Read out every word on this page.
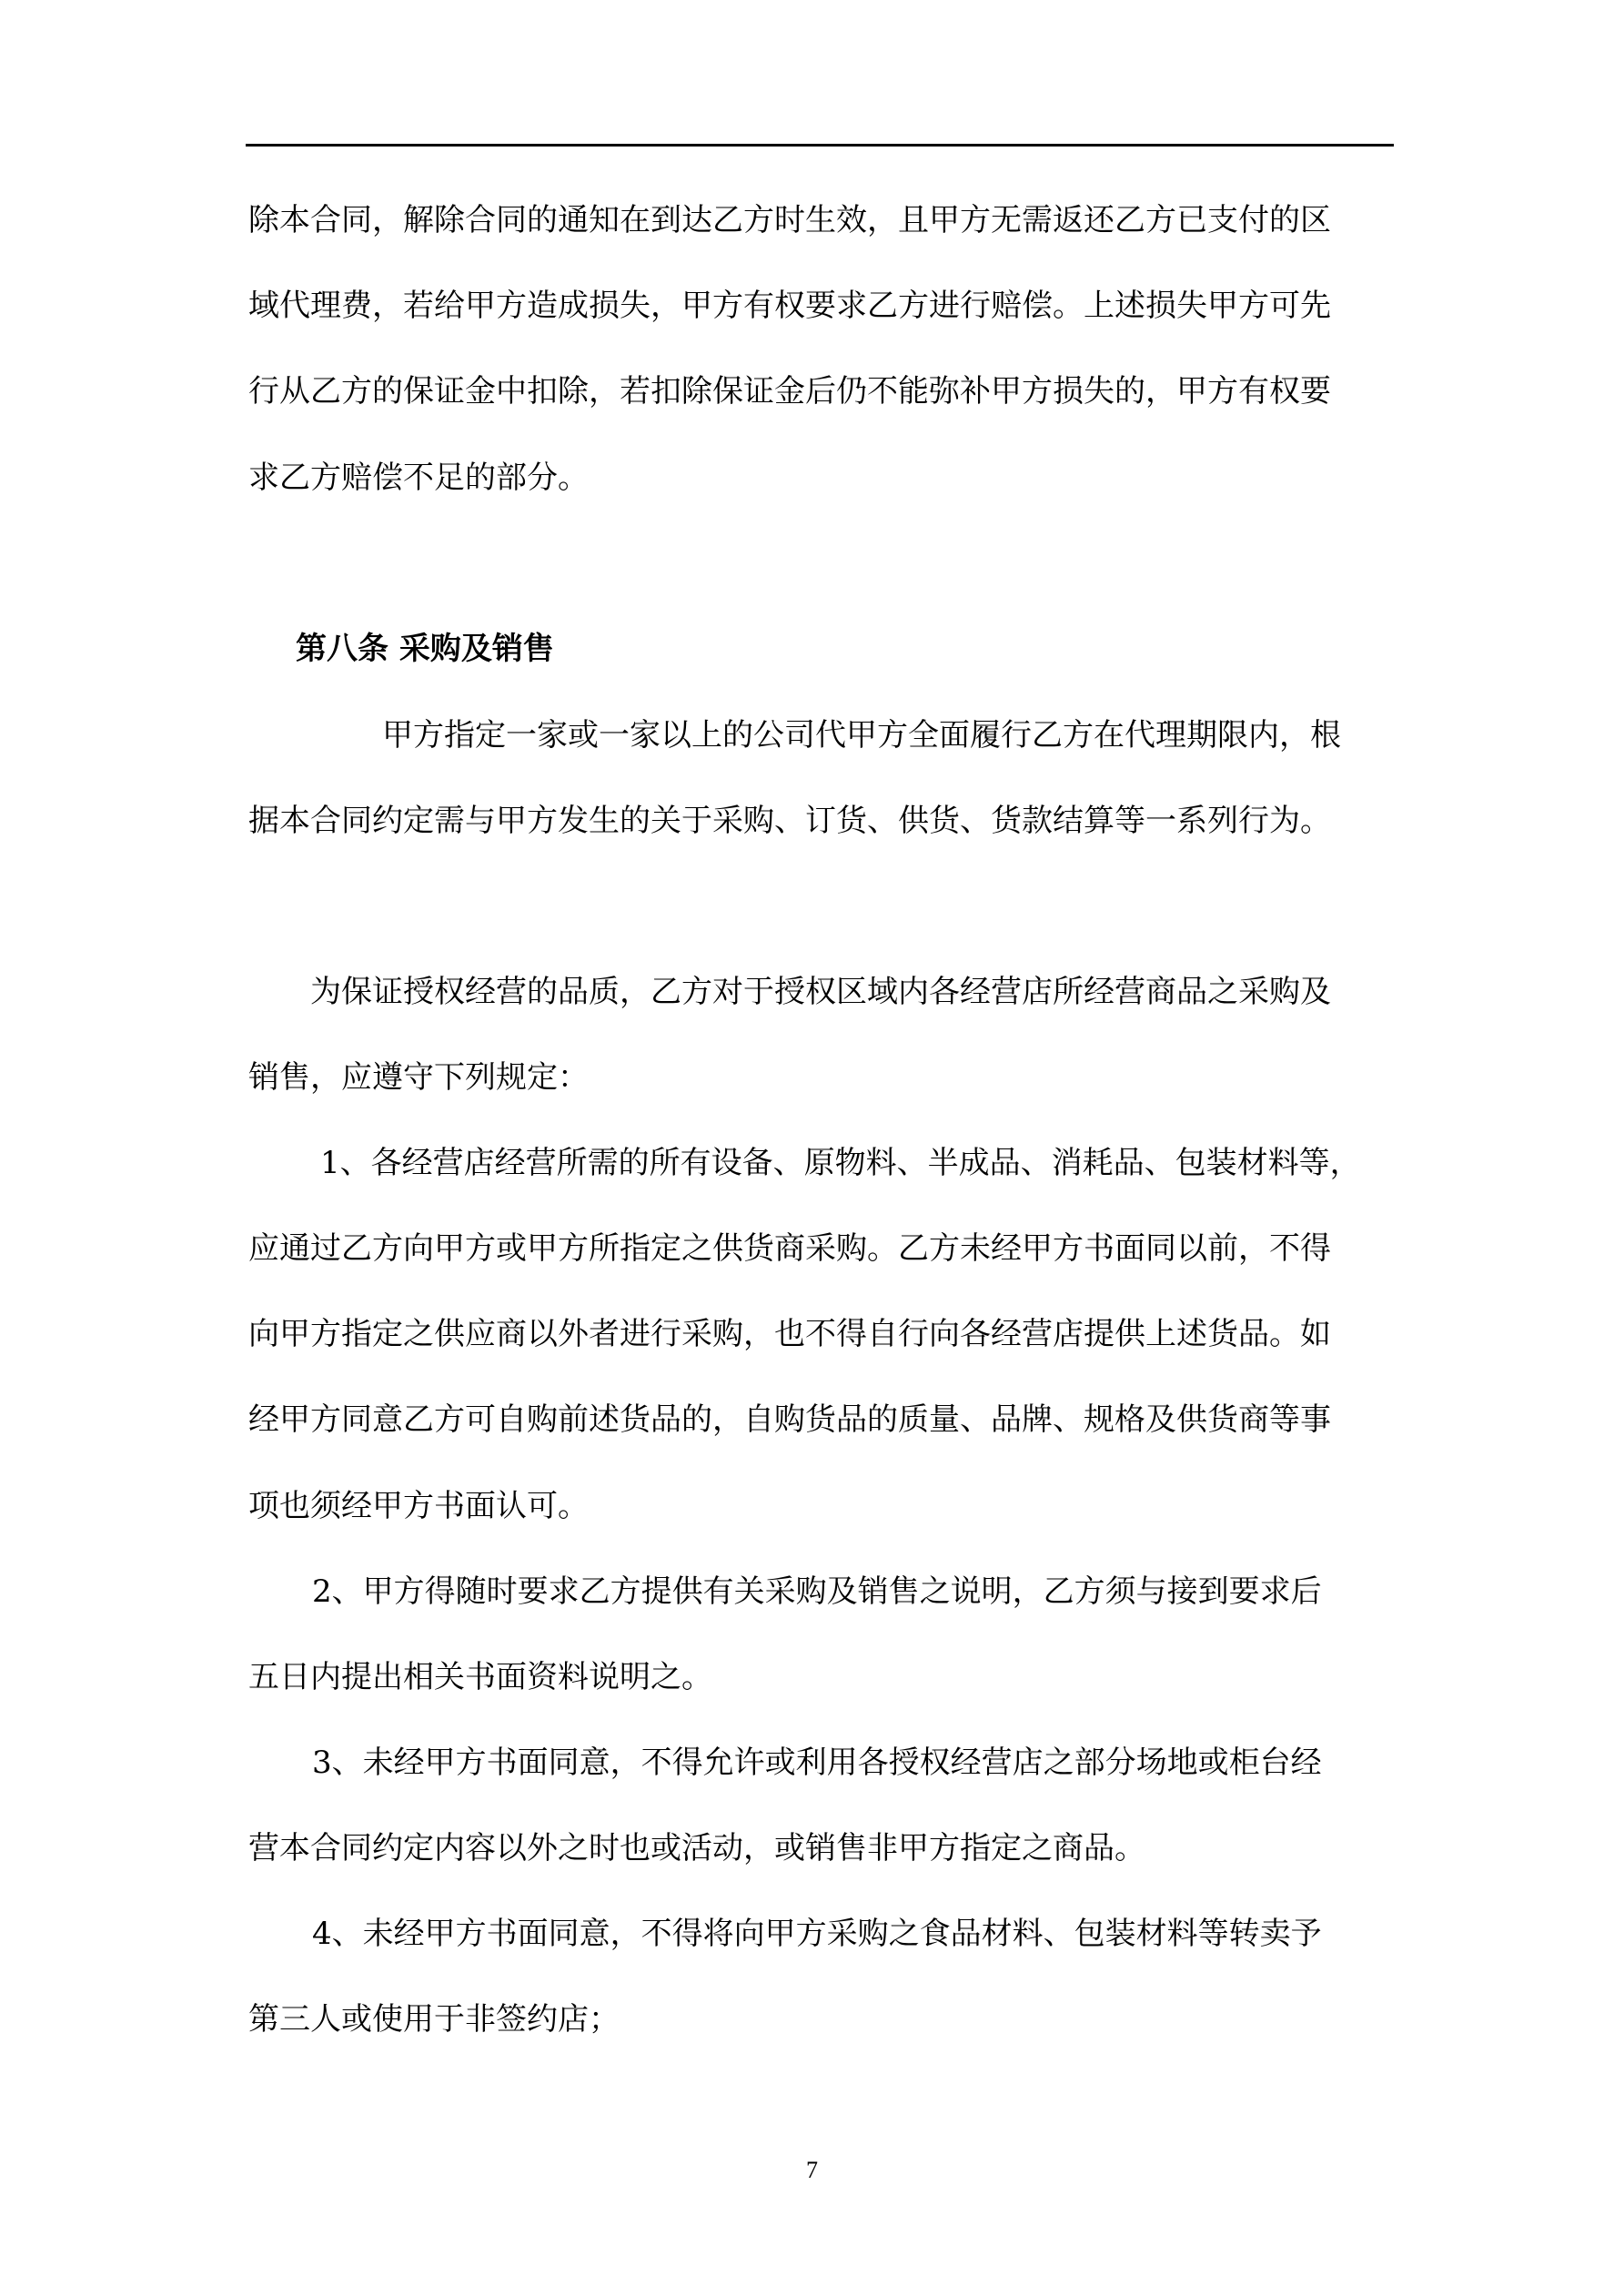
除本合同，解除合同的通知在到达乙方时生效，且甲方无需返还乙方已支付的区
域代理费，若给甲方造成损失，甲方有权要求乙方进行赔偿。上述损失甲方可先
行从乙方的保证金中扣除，若扣除保证金后仍不能弥补甲方损失的，甲方有权要
求乙方赔偿不足的部分。
第八条 采购及销售
甲方指定一家或一家以上的公司代甲方全面履行乙方在代理期限内，根
据本合同约定需与甲方发生的关于采购、订货、供货、货款结算等一系列行为。
为保证授权经营的品质，乙方对于授权区域内各经营店所经营商品之采购及
销售，应遵守下列规定：
1、各经营店经营所需的所有设备、原物料、半成品、消耗品、包装材料等，
应通过乙方向甲方或甲方所指定之供货商采购。乙方未经甲方书面同以前，不得
向甲方指定之供应商以外者进行采购，也不得自行向各经营店提供上述货品。如
经甲方同意乙方可自购前述货品的，自购货品的质量、品牌、规格及供货商等事
项也须经甲方书面认可。
2、甲方得随时要求乙方提供有关采购及销售之说明，乙方须与接到要求后
五日内提出相关书面资料说明之。
3、未经甲方书面同意，不得允许或利用各授权经营店之部分场地或柜台经
营本合同约定内容以外之时也或活动，或销售非甲方指定之商品。
4、未经甲方书面同意，不得将向甲方采购之食品材料、包装材料等转卖予
第三人或使用于非签约店；
7
